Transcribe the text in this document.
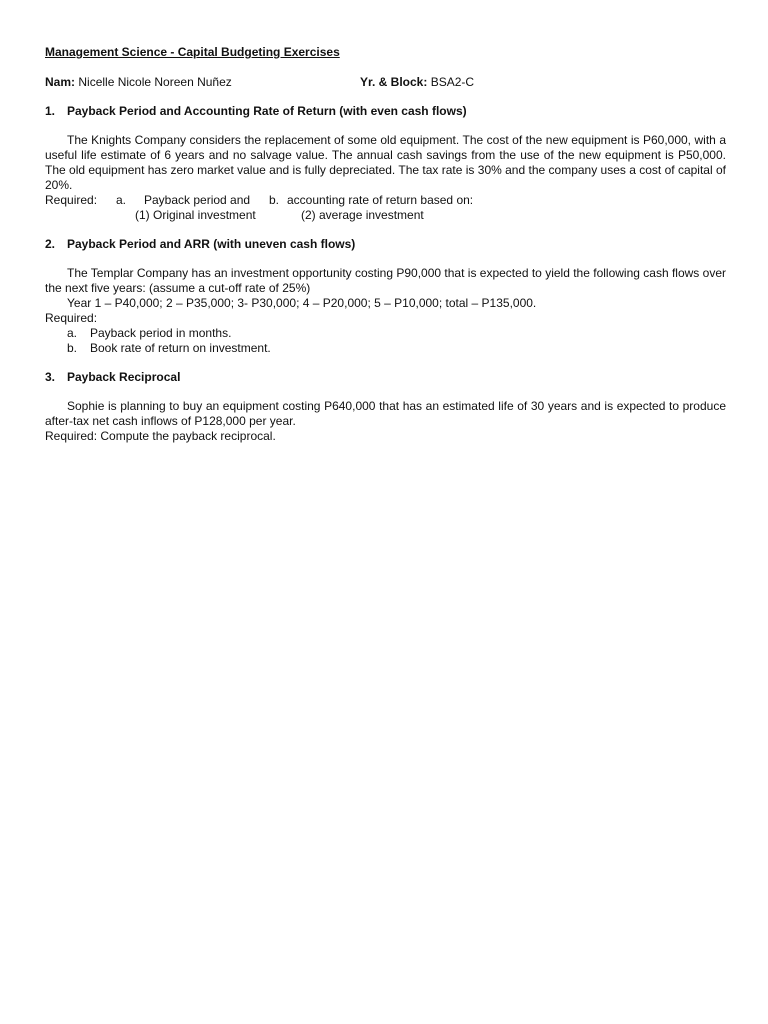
Management Science - Capital Budgeting Exercises
Nam: Nicelle Nicole Noreen Nuñez	Yr. & Block: BSA2-C
1. Payback Period and Accounting Rate of Return (with even cash flows)
The Knights Company considers the replacement of some old equipment. The cost of the new equipment is P60,000, with a useful life estimate of 6 years and no salvage value. The annual cash savings from the use of the new equipment is P50,000. The old equipment has zero market value and is fully depreciated. The tax rate is 30% and the company uses a cost of capital of 20%.
Required: a. Payback period and b. accounting rate of return based on:
(1) Original investment	(2) average investment
2. Payback Period and ARR (with uneven cash flows)
The Templar Company has an investment opportunity costing P90,000 that is expected to yield the following cash flows over the next five years: (assume a cut-off rate of 25%)
Year 1 – P40,000; 2 – P35,000; 3- P30,000; 4 – P20,000; 5 – P10,000; total – P135,000.
Required:
a. Payback period in months.
b. Book rate of return on investment.
3. Payback Reciprocal
Sophie is planning to buy an equipment costing P640,000 that has an estimated life of 30 years and is expected to produce after-tax net cash inflows of P128,000 per year.
Required: Compute the payback reciprocal.
